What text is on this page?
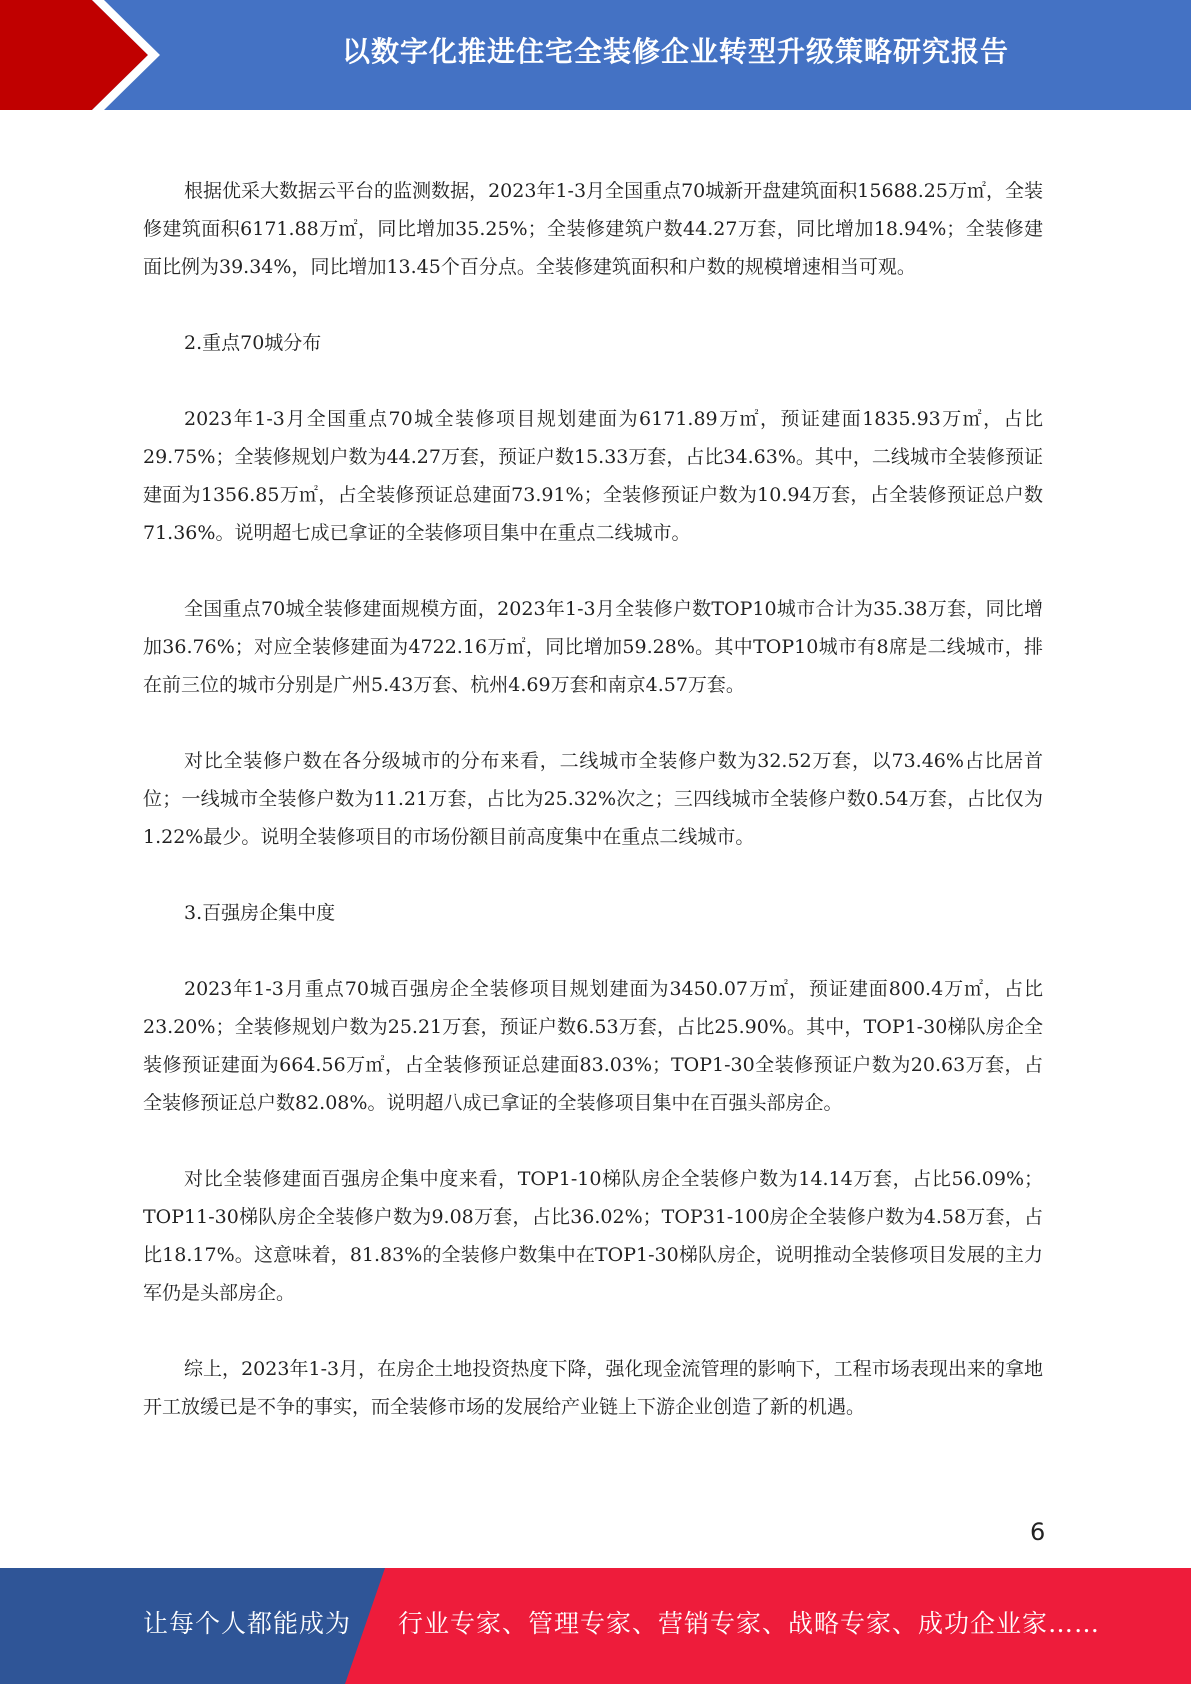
以数字化推进住宅全装修企业转型升级策略研究报告

根据优采大数据云平台的监测数据，2023年1-3月全国重点70城新开盘建筑面积15688.25万㎡，全装修建筑面积6171.88万㎡，同比增加35.25%；全装修建筑户数44.27万套，同比增加18.94%；全装修建面比例为39.34%，同比增加13.45个百分点。全装修建筑面积和户数的规模增速相当可观。

2.重点70城分布

2023年1-3月全国重点70城全装修项目规划建面为6171.89万㎡，预证建面1835.93万㎡，占比29.75%；全装修规划户数为44.27万套，预证户数15.33万套，占比34.63%。其中，二线城市全装修预证建面为1356.85万㎡，占全装修预证总建面73.91%；全装修预证户数为10.94万套，占全装修预证总户数71.36%。说明超七成已拿证的全装修项目集中在重点二线城市。

全国重点70城全装修建面规模方面，2023年1-3月全装修户数TOP10城市合计为35.38万套，同比增加36.76%；对应全装修建面为4722.16万㎡，同比增加59.28%。其中TOP10城市有8席是二线城市，排在前三位的城市分别是广州5.43万套、杭州4.69万套和南京4.57万套。

对比全装修户数在各分级城市的分布来看，二线城市全装修户数为32.52万套，以73.46%占比居首位；一线城市全装修户数为11.21万套，占比为25.32%次之；三四线城市全装修户数0.54万套，占比仅为1.22%最少。说明全装修项目的市场份额目前高度集中在重点二线城市。

3.百强房企集中度

2023年1-3月重点70城百强房企全装修项目规划建面为3450.07万㎡，预证建面800.4万㎡，占比23.20%；全装修规划户数为25.21万套，预证户数6.53万套，占比25.90%。其中，TOP1-30梯队房企全装修预证建面为664.56万㎡，占全装修预证总建面83.03%；TOP1-30全装修预证户数为20.63万套，占全装修预证总户数82.08%。说明超八成已拿证的全装修项目集中在百强头部房企。

对比全装修建面百强房企集中度来看，TOP1-10梯队房企全装修户数为14.14万套，占比56.09%；TOP11-30梯队房企全装修户数为9.08万套，占比36.02%；TOP31-100房企全装修户数为4.58万套，占比18.17%。这意味着，81.83%的全装修户数集中在TOP1-30梯队房企，说明推动全装修项目发展的主力军仍是头部房企。

综上，2023年1-3月，在房企土地投资热度下降，强化现金流管理的影响下，工程市场表现出来的拿地开工放缓已是不争的事实，而全装修市场的发展给产业链上下游企业创造了新的机遇。

6
让每个人都能成为 行业专家、管理专家、营销专家、战略专家、成功企业家……
